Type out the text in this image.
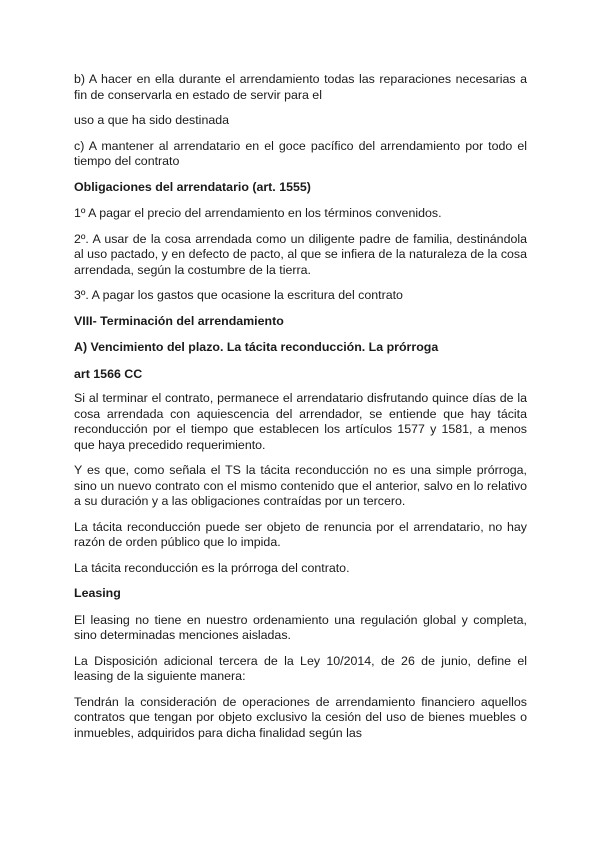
b) A hacer en ella durante el arrendamiento todas las reparaciones necesarias a fin de conservarla en estado de servir para el

uso a que ha sido destinada

c) A mantener al arrendatario en el goce pacífico del arrendamiento por todo el tiempo del contrato

Obligaciones del arrendatario (art. 1555)

1º A pagar el precio del arrendamiento en los términos convenidos.

2º. A usar de la cosa arrendada como un diligente padre de familia, destinándola al uso pactado, y en defecto de pacto, al que se infiera de la naturaleza de la cosa arrendada, según la costumbre de la tierra.

3º. A pagar los gastos que ocasione la escritura del contrato

VIII- Terminación del arrendamiento

A) Vencimiento del plazo. La tácita reconducción. La prórroga

art 1566 CC

Si al terminar el contrato, permanece el arrendatario disfrutando quince días de la cosa arrendada con aquiescencia del arrendador, se entiende que hay tácita reconducción por el tiempo que establecen los artículos 1577 y 1581, a menos que haya precedido requerimiento.

Y es que, como señala el TS la tácita reconducción no es una simple prórroga, sino un nuevo contrato con el mismo contenido que el anterior, salvo en lo relativo a su duración y a las obligaciones contraídas por un tercero.

La tácita reconducción puede ser objeto de renuncia por el arrendatario, no hay razón de orden público que lo impida.

La tácita reconducción es la prórroga del contrato.

Leasing

El leasing no tiene en nuestro ordenamiento una regulación global y completa, sino determinadas menciones aisladas.

La Disposición adicional tercera de la Ley 10/2014, de 26 de junio, define el leasing de la siguiente manera:

Tendrán la consideración de operaciones de arrendamiento financiero aquellos contratos que tengan por objeto exclusivo la cesión del uso de bienes muebles o inmuebles, adquiridos para dicha finalidad según las
